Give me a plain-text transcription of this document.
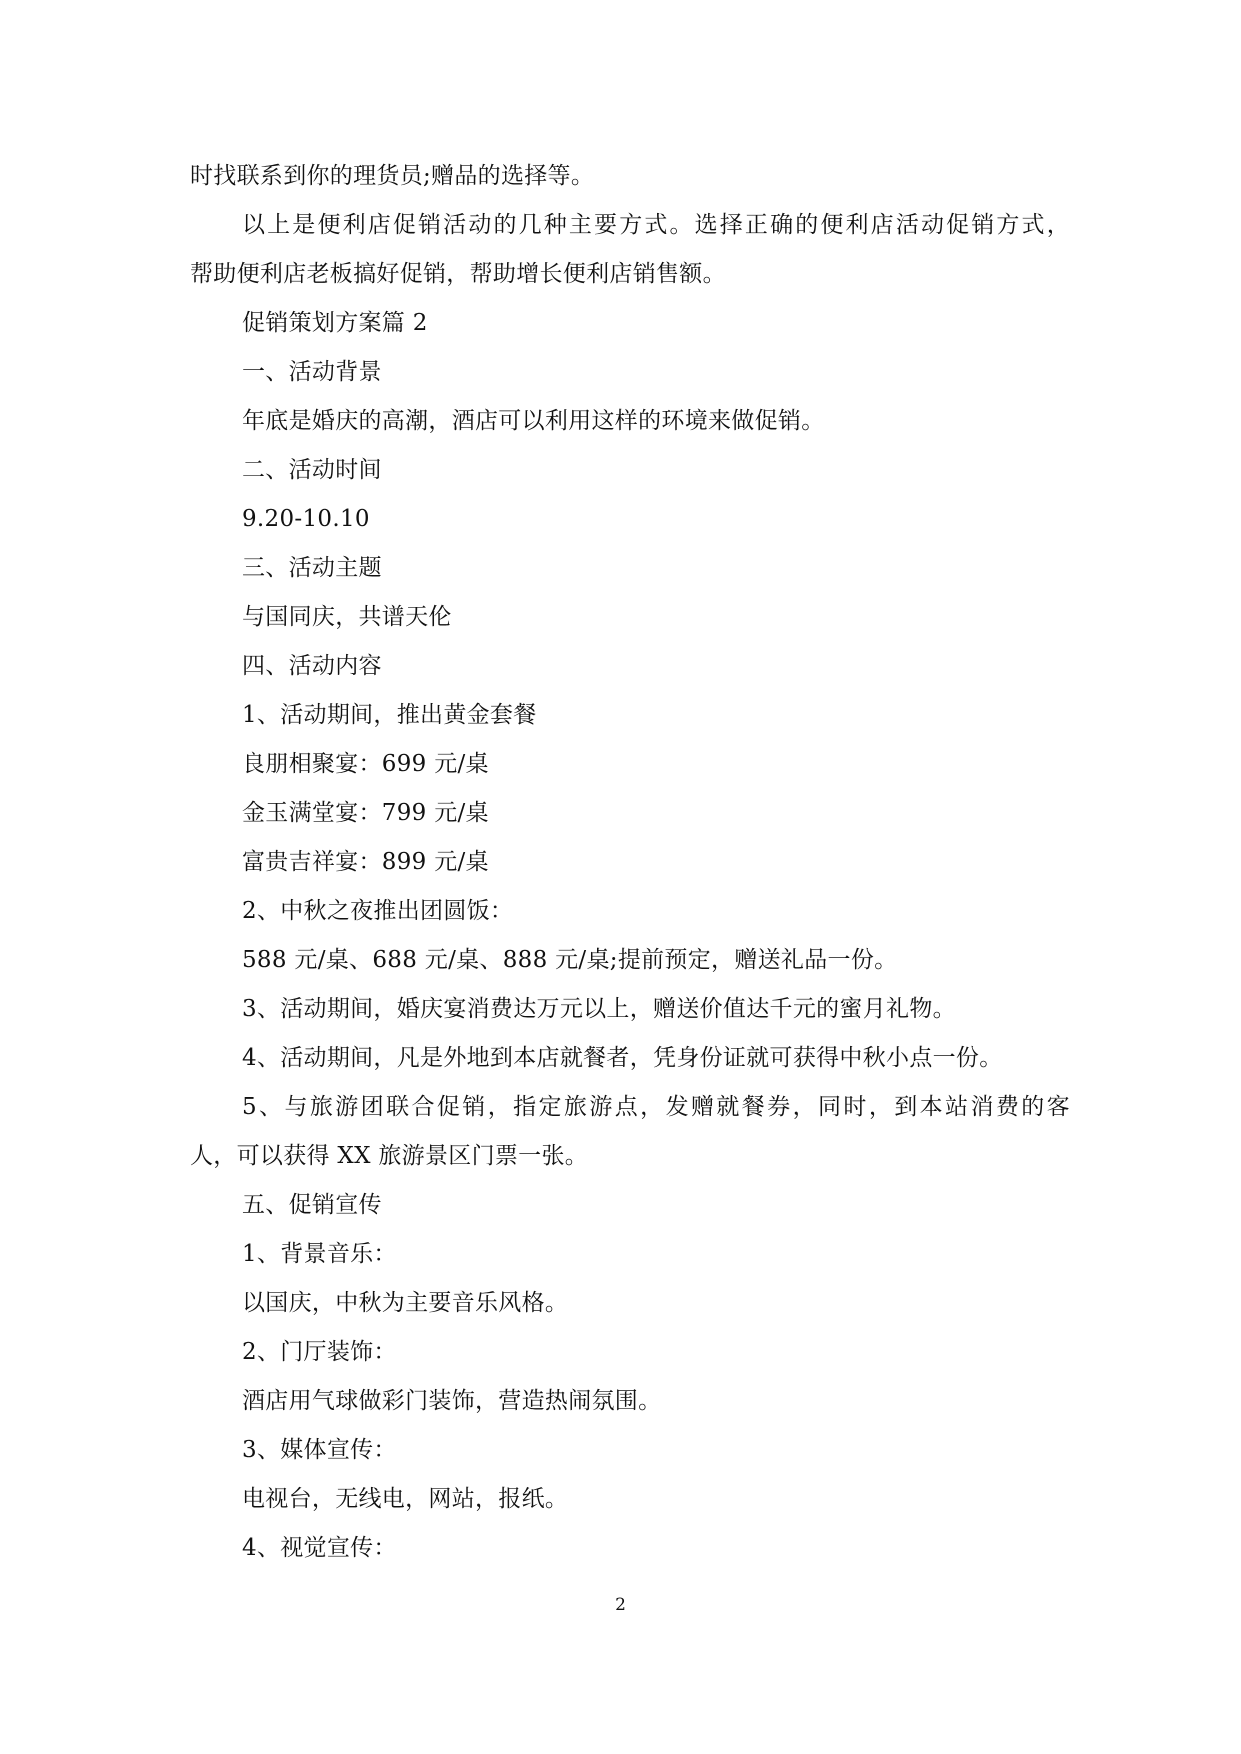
时找联系到你的理货员;赠品的选择等。
以上是便利店促销活动的几种主要方式。选择正确的便利店活动促销方式，
帮助便利店老板搞好促销，帮助增长便利店销售额。
促销策划方案篇 2
一、活动背景
年底是婚庆的高潮，酒店可以利用这样的环境来做促销。
二、活动时间
9.20-10.10
三、活动主题
与国同庆，共谱天伦
四、活动内容
1、活动期间，推出黄金套餐
良朋相聚宴：699 元/桌
金玉满堂宴：799 元/桌
富贵吉祥宴：899 元/桌
2、中秋之夜推出团圆饭：
588 元/桌、688 元/桌、888 元/桌;提前预定，赠送礼品一份。
3、活动期间，婚庆宴消费达万元以上，赠送价值达千元的蜜月礼物。
4、活动期间，凡是外地到本店就餐者，凭身份证就可获得中秋小点一份。
5、与旅游团联合促销，指定旅游点，发赠就餐券，同时，到本站消费的客
人，可以获得 XX 旅游景区门票一张。
五、促销宣传
1、背景音乐：
以国庆，中秋为主要音乐风格。
2、门厅装饰：
酒店用气球做彩门装饰，营造热闹氛围。
3、媒体宣传：
电视台，无线电，网站，报纸。
4、视觉宣传：
2
